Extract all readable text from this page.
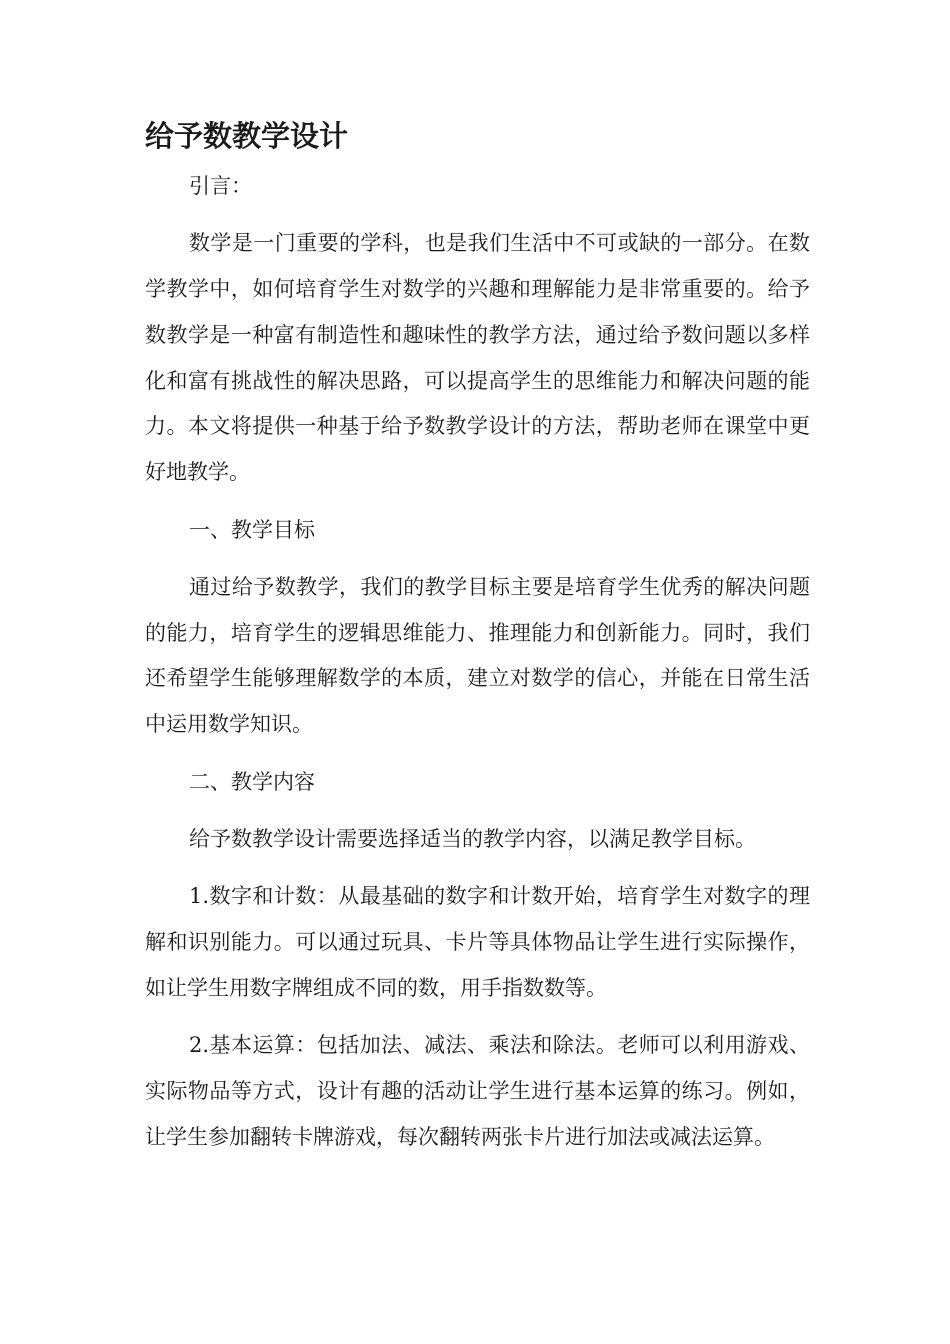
给予数教学设计

引言：

数学是一门重要的学科，也是我们生活中不可或缺的一部分。在数学教学中，如何培育学生对数学的兴趣和理解能力是非常重要的。给予数教学是一种富有制造性和趣味性的教学方法，通过给予数问题以多样化和富有挑战性的解决思路，可以提高学生的思维能力和解决问题的能力。本文将提供一种基于给予数教学设计的方法，帮助老师在课堂中更好地教学。

一、教学目标

通过给予数教学，我们的教学目标主要是培育学生优秀的解决问题的能力，培育学生的逻辑思维能力、推理能力和创新能力。同时，我们还希望学生能够理解数学的本质，建立对数学的信心，并能在日常生活中运用数学知识。

二、教学内容

给予数教学设计需要选择适当的教学内容，以满足教学目标。

1.数字和计数：从最基础的数字和计数开始，培育学生对数字的理解和识别能力。可以通过玩具、卡片等具体物品让学生进行实际操作，如让学生用数字牌组成不同的数，用手指数数等。

2.基本运算：包括加法、减法、乘法和除法。老师可以利用游戏、实际物品等方式，设计有趣的活动让学生进行基本运算的练习。例如，让学生参加翻转卡牌游戏，每次翻转两张卡片进行加法或减法运算。
